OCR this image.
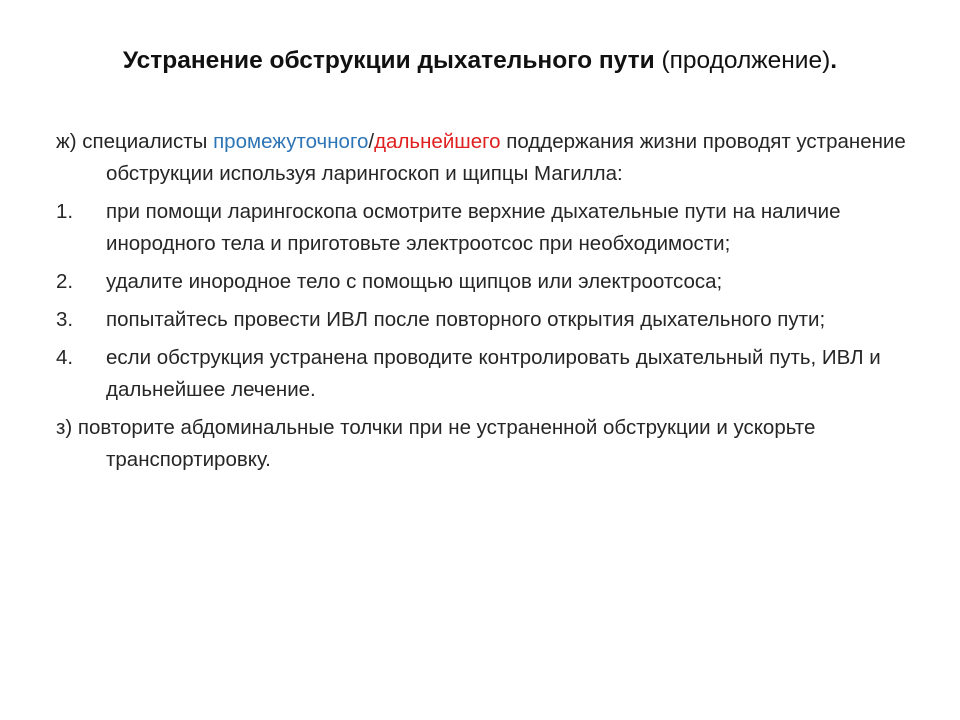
Устранение обструкции дыхательного пути (продолжение).
ж) специалисты промежуточного/дальнейшего поддержания жизни проводят устранение обструкции используя ларингоскоп и щипцы Магилла:
1. при помощи ларингоскопа осмотрите верхние дыхательные пути на наличие инородного тела и приготовьте электроотсос при необходимости;
2. удалите инородное тело с помощью щипцов или электроотсоса;
3. попытайтесь провести ИВЛ после повторного открытия дыхательного пути;
4. если обструкция устранена проводите контролировать дыхательный путь, ИВЛ и дальнейшее лечение.
з) повторите абдоминальные толчки при не устраненной обструкции и ускорьте транспортировку.
